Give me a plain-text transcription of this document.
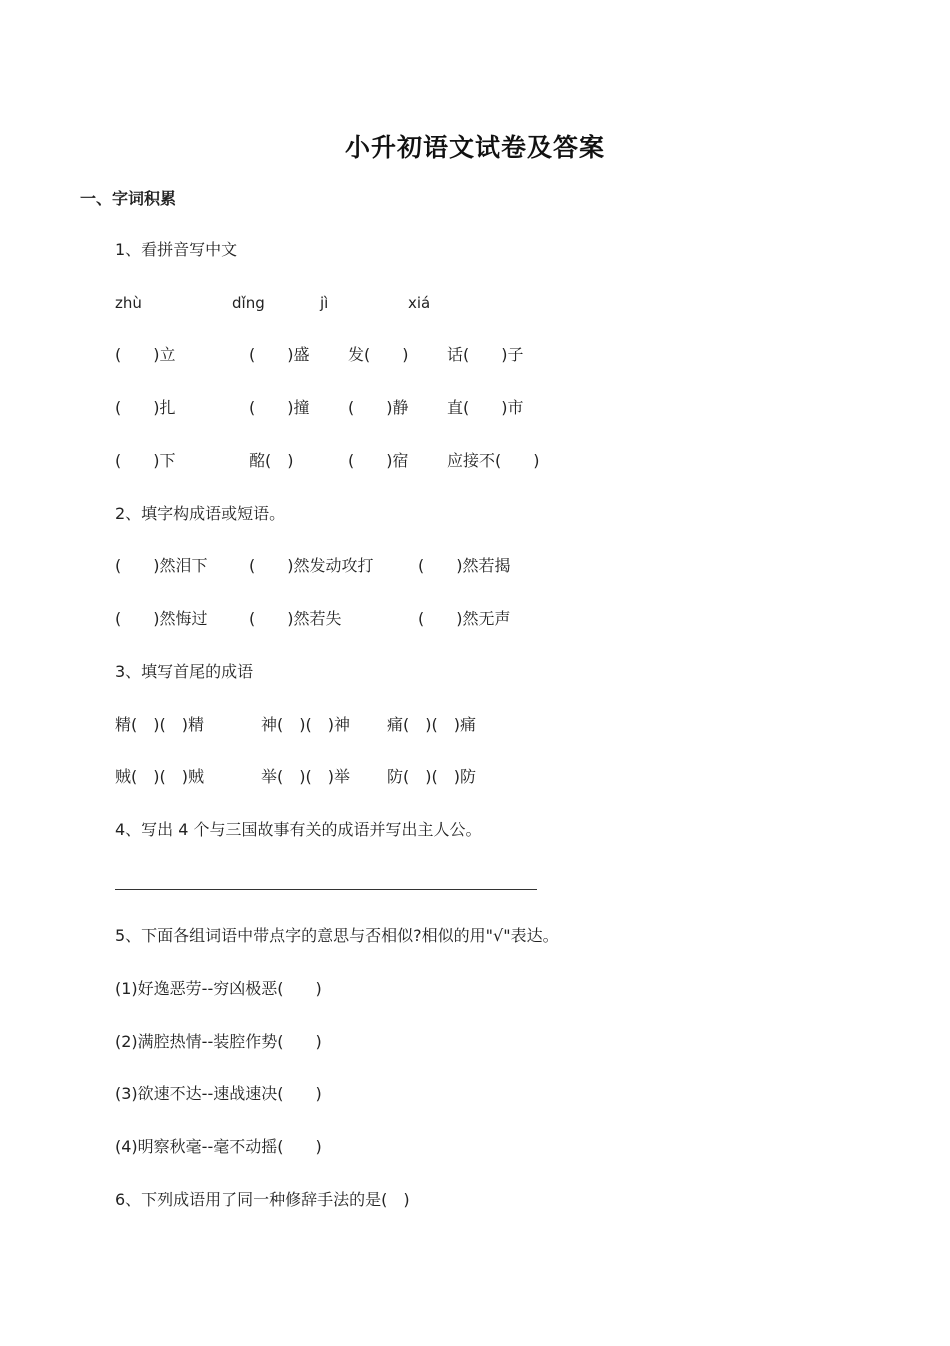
小升初语文试卷及答案
一、字词积累
1、看拼音写中文
zhù	dǐng	jì	xiá
(　　)立	(　　)盛 发(　　) 话(　　)子
(　　)扎	(　　)撞 (　　)静 直(　　)市
(　　)下	酩(　)	(　　)宿 应接不(　　)
2、填字构成语或短语。
(　　)然泪下	(　　)然发动攻打	(　　)然若揭
(　　)然悔过	(　　)然若失	(　　)然无声
3、填写首尾的成语
精(　)(　)精	神(　)(　)神 痛(　)(　)痛
贼(　)(　)贼	举(　)(　)举 防(　)(　)防
4、写出 4 个与三国故事有关的成语并写出主人公。
5、下面各组词语中带点字的意思与否相似?相似的用"√"表达。
(1)好逸恶劳--穷凶极恶(　　)
(2)满腔热情--装腔作势(　　)
(3)欲速不达--速战速决(　　)
(4)明察秋毫--毫不动摇(　　)
6、下列成语用了同一种修辞手法的是(　)
